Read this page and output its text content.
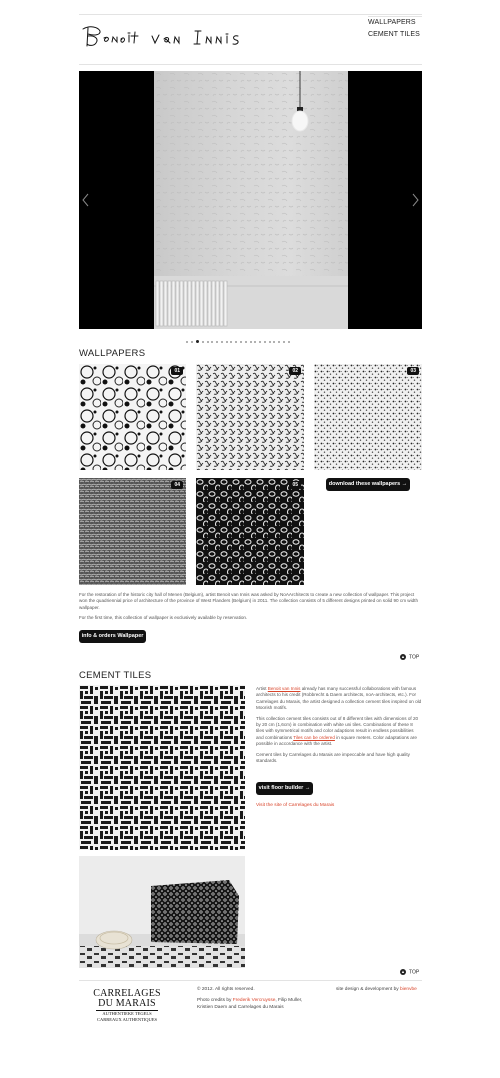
WALLPAPERS
CEMENT TILES
WALLPAPERS
01	02	03
04	05	download these wallpapers →

For the restoration of the historic city hall of Menen (Belgium), artist Benoit van Innis was asked by NoAArchitects to create a new collection of wallpaper. This project won the quadriennial price of architecture of the province of West Flanders (Belgium) in 2011. The collection consists of 5 different designs printed on solid 90 cm width wallpaper.

For the first time, this collection of wallpaper is exclusively available by reservation.

info & orders Wallpaper
▲ TOP
CEMENT TILES

Artist Benoit van Innis already has many successful collaborations with famous architects to his credit (Robbrecht & Daem architects, noA-architects, etc.). For Carrelages du Marais, the artist designed a collection cement tiles inspired on old Moorish motifs.

This collection cement tiles consists out of 8 different tiles with dimensions of 20 by 20 cm (1,6cm) in combination with white uni tiles. Combinations of these 8 tiles with symmetrical motifs and color adaptions result in endless possibilities and combinations Tiles can be ordered in square meters. Color adaptations are possible in accordance with the artist.

Cement tiles by Carrelages du Marais are impeccable and have high quality standards.

visit floor builder →
Visit the site of Carrelages du Marais
▲ TOP
CARRELAGES
DU MARAIS
AUTHENTIEKE TEGELS
CARREAUX AUTHENTIQUES
© 2012. All rights reserved.
Photo credits by Frederik Vercruysse, Filip Muller, Kristien Daem and Carrelages du Marais
site design & development by bienvbe
